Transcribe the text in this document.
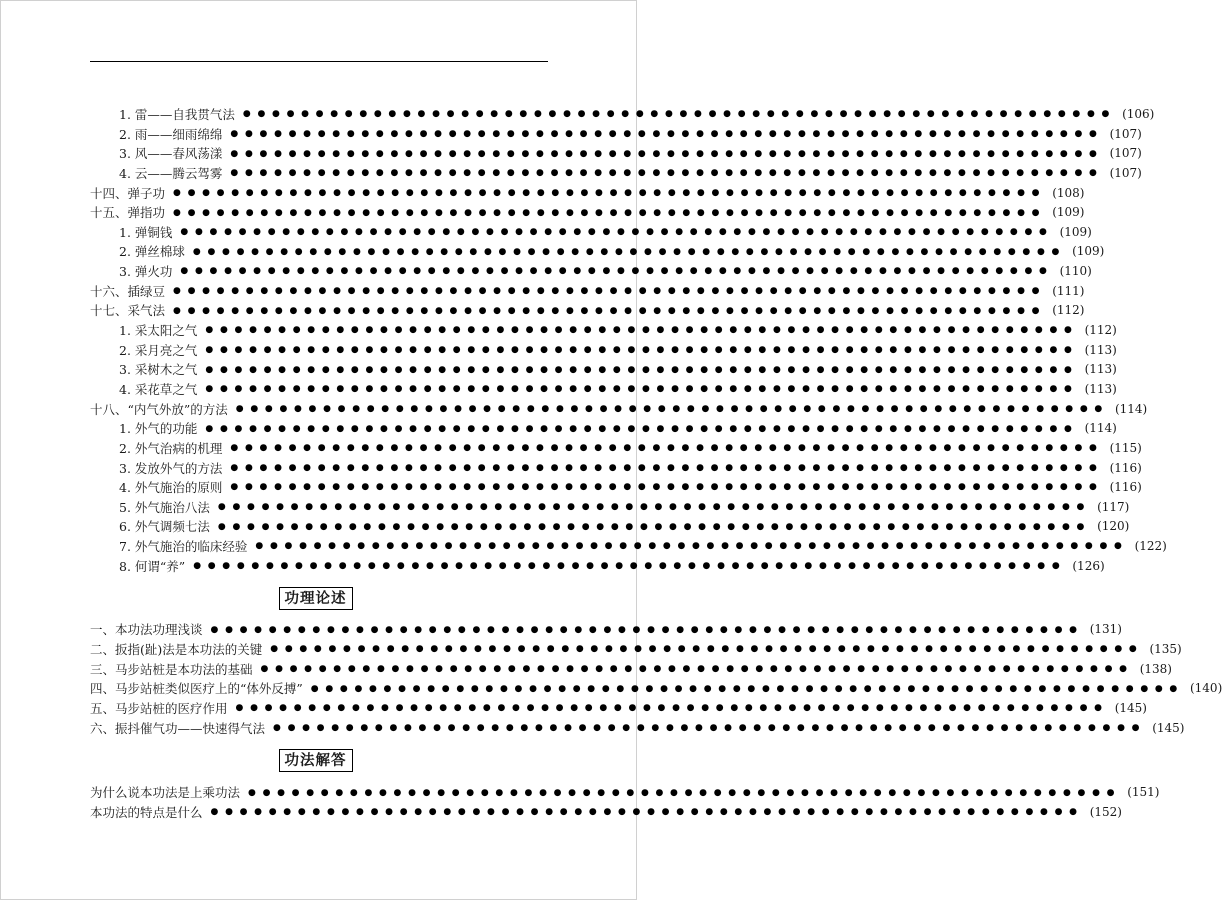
1. 雷——自我贯气法 ●●●●●●●●●●●●●●●●●●●●●●●●●●●●●●●●●●●●●●●●●●●●●●●●●●●●●●●●●●●● (106)
2. 雨——细雨绵绵 ●●●●●●●●●●●●●●●●●●●●●●●●●●●●●●●●●●●●●●●●●●●●●●●●●●●●●●●●●●●● (107)
3. 风——春风荡漾 ●●●●●●●●●●●●●●●●●●●●●●●●●●●●●●●●●●●●●●●●●●●●●●●●●●●●●●●●●●●● (107)
4. 云——腾云驾雾 ●●●●●●●●●●●●●●●●●●●●●●●●●●●●●●●●●●●●●●●●●●●●●●●●●●●●●●●●●●●● (107)
十四、弹子功 ●●●●●●●●●●●●●●●●●●●●●●●●●●●●●●●●●●●●●●●●●●●●●●●●●●●●●●●●●●●● (108)
十五、弹指功 ●●●●●●●●●●●●●●●●●●●●●●●●●●●●●●●●●●●●●●●●●●●●●●●●●●●●●●●●●●●● (109)
1. 弹铜钱 ●●●●●●●●●●●●●●●●●●●●●●●●●●●●●●●●●●●●●●●●●●●●●●●●●●●●●●●●●●●● (109)
2. 弹丝棉球 ●●●●●●●●●●●●●●●●●●●●●●●●●●●●●●●●●●●●●●●●●●●●●●●●●●●●●●●●●●●● (109)
3. 弹火功 ●●●●●●●●●●●●●●●●●●●●●●●●●●●●●●●●●●●●●●●●●●●●●●●●●●●●●●●●●●●● (110)
十六、插绿豆 ●●●●●●●●●●●●●●●●●●●●●●●●●●●●●●●●●●●●●●●●●●●●●●●●●●●●●●●●●●●● (111)
十七、采气法 ●●●●●●●●●●●●●●●●●●●●●●●●●●●●●●●●●●●●●●●●●●●●●●●●●●●●●●●●●●●● (112)
1. 采太阳之气 ●●●●●●●●●●●●●●●●●●●●●●●●●●●●●●●●●●●●●●●●●●●●●●●●●●●●●●●●●●●● (112)
2. 采月亮之气 ●●●●●●●●●●●●●●●●●●●●●●●●●●●●●●●●●●●●●●●●●●●●●●●●●●●●●●●●●●●● (113)
3. 采树木之气 ●●●●●●●●●●●●●●●●●●●●●●●●●●●●●●●●●●●●●●●●●●●●●●●●●●●●●●●●●●●● (113)
4. 采花草之气 ●●●●●●●●●●●●●●●●●●●●●●●●●●●●●●●●●●●●●●●●●●●●●●●●●●●●●●●●●●●● (113)
十八、“内气外放”的方法 ●●●●●●●●●●●●●●●●●●●●●●●●●●●●●●●●●●●●●●●●●●●●●●●●●●●●●●●●●●●● (114)
1. 外气的功能 ●●●●●●●●●●●●●●●●●●●●●●●●●●●●●●●●●●●●●●●●●●●●●●●●●●●●●●●●●●●● (114)
2. 外气治病的机理 ●●●●●●●●●●●●●●●●●●●●●●●●●●●●●●●●●●●●●●●●●●●●●●●●●●●●●●●●●●●● (115)
3. 发放外气的方法 ●●●●●●●●●●●●●●●●●●●●●●●●●●●●●●●●●●●●●●●●●●●●●●●●●●●●●●●●●●●● (116)
4. 外气施治的原则 ●●●●●●●●●●●●●●●●●●●●●●●●●●●●●●●●●●●●●●●●●●●●●●●●●●●●●●●●●●●● (116)
5. 外气施治八法 ●●●●●●●●●●●●●●●●●●●●●●●●●●●●●●●●●●●●●●●●●●●●●●●●●●●●●●●●●●●● (117)
6. 外气调频七法 ●●●●●●●●●●●●●●●●●●●●●●●●●●●●●●●●●●●●●●●●●●●●●●●●●●●●●●●●●●●● (120)
7. 外气施治的临床经验 ●●●●●●●●●●●●●●●●●●●●●●●●●●●●●●●●●●●●●●●●●●●●●●●●●●●●●●●●●●●● (122)
8. 何谓“养” ●●●●●●●●●●●●●●●●●●●●●●●●●●●●●●●●●●●●●●●●●●●●●●●●●●●●●●●●●●●● (126)
功理论述
一、本功法功理浅谈 ●●●●●●●●●●●●●●●●●●●●●●●●●●●●●●●●●●●●●●●●●●●●●●●●●●●●●●●●●●●● (131)
二、扳指(趾)法是本功法的关键 ●●●●●●●●●●●●●●●●●●●●●●●●●●●●●●●●●●●●●●●●●●●●●●●●●●●●●●●●●●●● (135)
三、马步站桩是本功法的基础 ●●●●●●●●●●●●●●●●●●●●●●●●●●●●●●●●●●●●●●●●●●●●●●●●●●●●●●●●●●●● (138)
四、马步站桩类似医疗上的“体外反搏” ●●●●●●●●●●●●●●●●●●●●●●●●●●●●●●●●●●●●●●●●●●●●●●●●●●●●●●●●●●●● (140)
五、马步站桩的医疗作用 ●●●●●●●●●●●●●●●●●●●●●●●●●●●●●●●●●●●●●●●●●●●●●●●●●●●●●●●●●●●● (145)
六、振抖催气功——快速得气法 ●●●●●●●●●●●●●●●●●●●●●●●●●●●●●●●●●●●●●●●●●●●●●●●●●●●●●●●●●●●● (145)
功法解答
为什么说本功法是上乘功法 ●●●●●●●●●●●●●●●●●●●●●●●●●●●●●●●●●●●●●●●●●●●●●●●●●●●●●●●●●●●● (151)
本功法的特点是什么 ●●●●●●●●●●●●●●●●●●●●●●●●●●●●●●●●●●●●●●●●●●●●●●●●●●●●●●●●●●●● (152)
